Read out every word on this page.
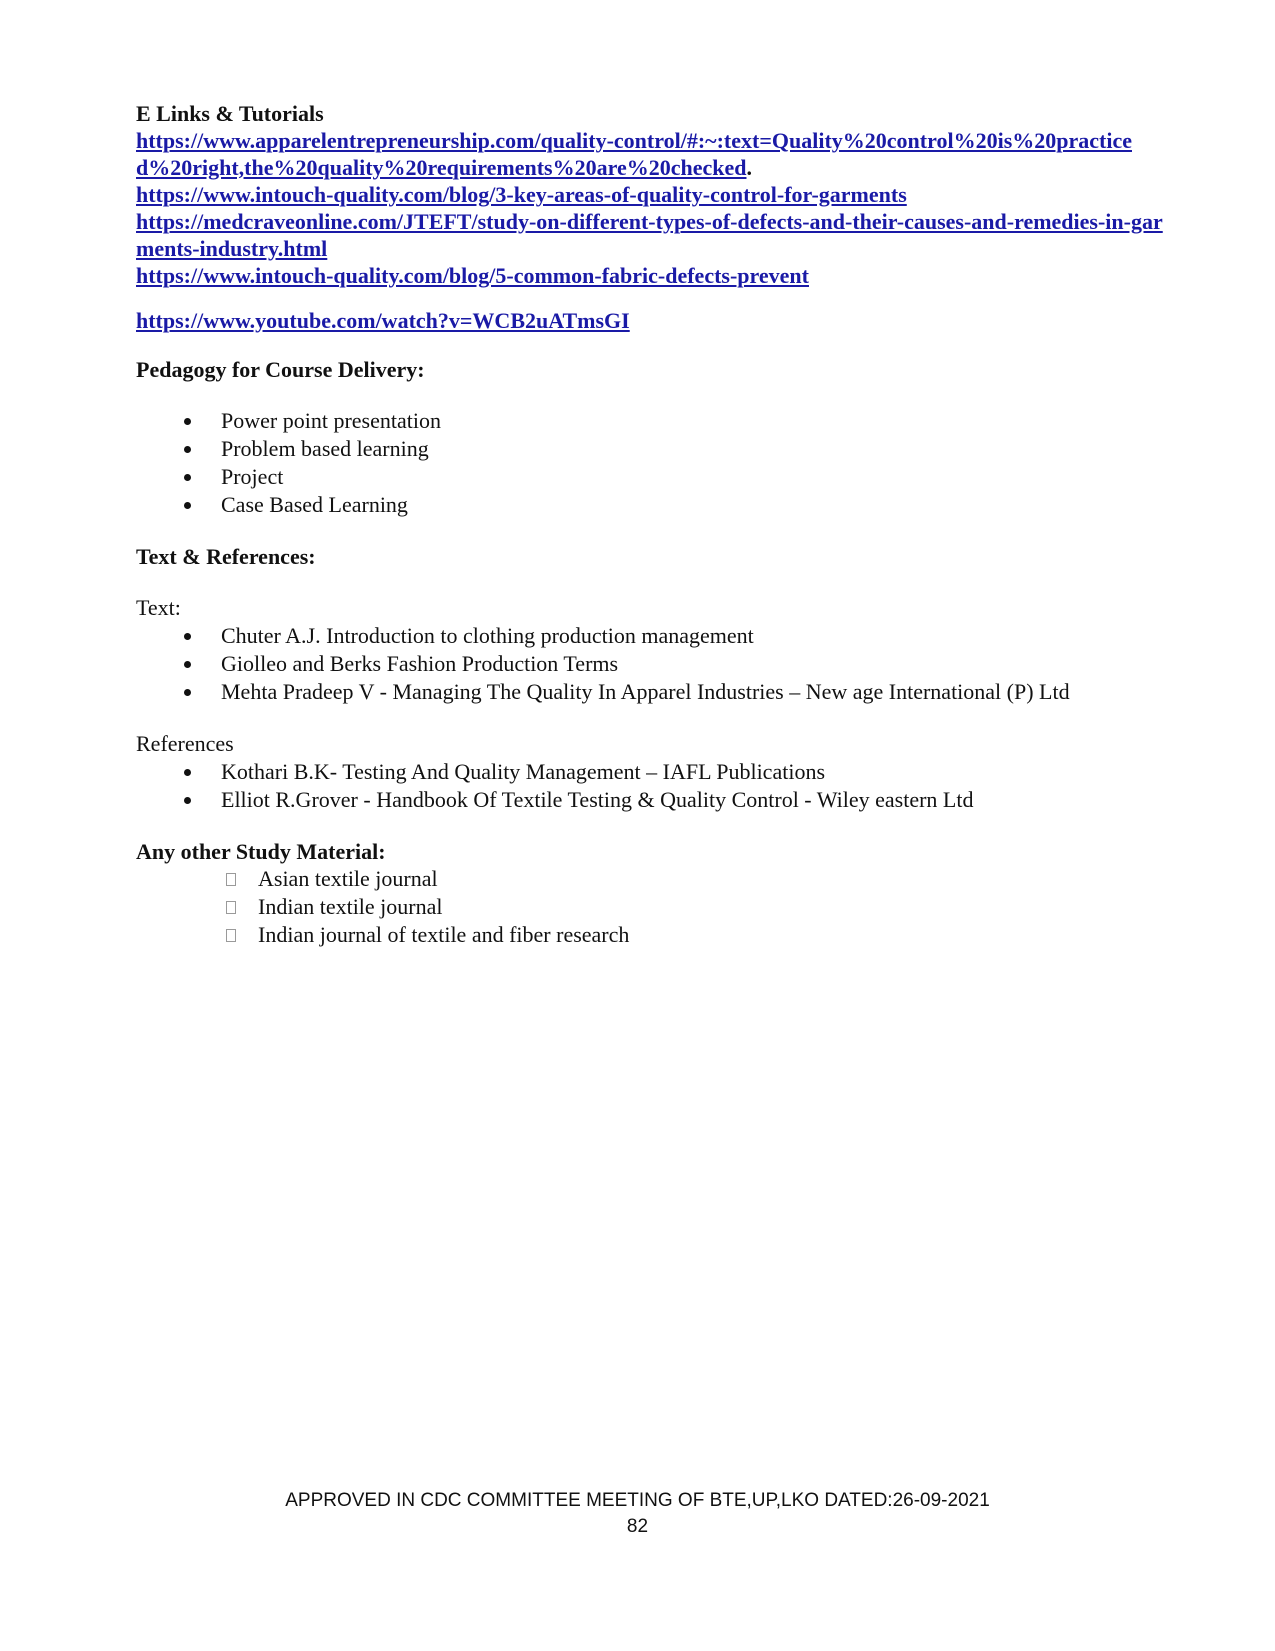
E Links & Tutorials

https://www.apparelentrepreneurship.com/quality-control/#:~:text=Quality%20control%20is%20practiced%20right,the%20quality%20requirements%20are%20checked.
https://www.intouch-quality.com/blog/3-key-areas-of-quality-control-for-garments
https://medcraveonline.com/JTEFT/study-on-different-types-of-defects-and-their-causes-and-remedies-in-garments-industry.html
https://www.intouch-quality.com/blog/5-common-fabric-defects-prevent
https://www.youtube.com/watch?v=WCB2uATmsGI

Pedagogy for Course Delivery:

Power point presentation
Problem based learning
Project
Case Based Learning

Text & References:

Text:

Chuter A.J. Introduction to clothing production management
Giolleo and Berks Fashion Production Terms
Mehta Pradeep V - Managing The Quality In Apparel Industries – New age International (P) Ltd

References

Kothari B.K- Testing And Quality Management – IAFL Publications
Elliot R.Grover - Handbook Of Textile Testing & Quality Control - Wiley eastern Ltd

Any other Study Material:

Asian textile journal
Indian textile journal
Indian journal of textile and fiber research
APPROVED IN CDC COMMITTEE MEETING OF BTE,UP,LKO DATED:26-09-2021
82
